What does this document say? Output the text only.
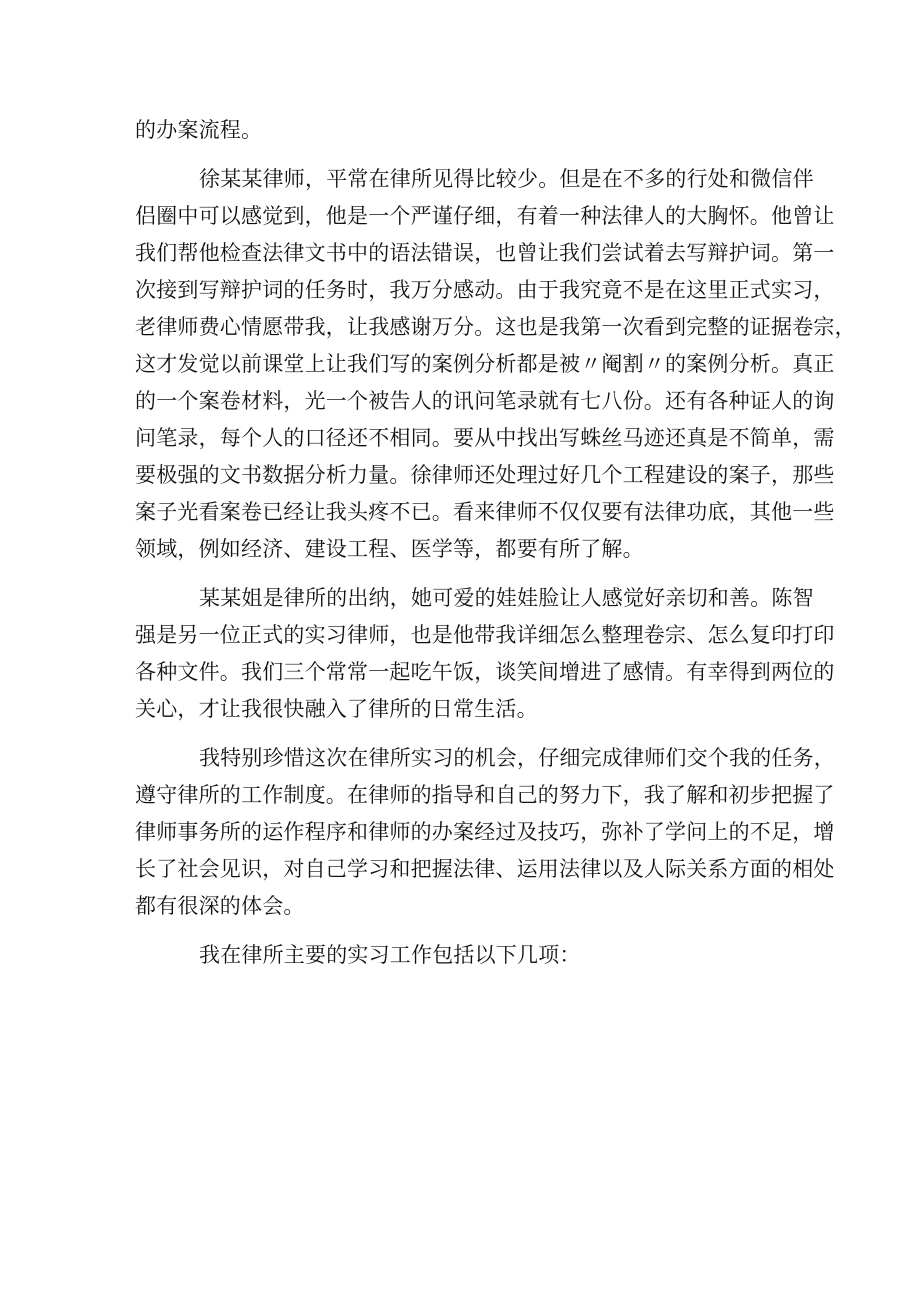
的办案流程。
徐某某律师，平常在律所见得比较少。但是在不多的行处和微信伴
侣圈中可以感觉到，他是一个严谨仔细，有着一种法律人的大胸怀。他曾让
我们帮他检查法律文书中的语法错误，也曾让我们尝试着去写辩护词。第一
次接到写辩护词的任务时，我万分感动。由于我究竟不是在这里正式实习，
老律师费心情愿带我，让我感谢万分。这也是我第一次看到完整的证据卷宗，
这才发觉以前课堂上让我们写的案例分析都是被〃阉割〃的案例分析。真正
的一个案卷材料，光一个被告人的讯问笔录就有七八份。还有各种证人的询
问笔录，每个人的口径还不相同。要从中找出写蛛丝马迹还真是不简单，需
要极强的文书数据分析力量。徐律师还处理过好几个工程建设的案子，那些
案子光看案卷已经让我头疼不已。看来律师不仅仅要有法律功底，其他一些
领域，例如经济、建设工程、医学等，都要有所了解。
某某姐是律所的出纳，她可爱的娃娃脸让人感觉好亲切和善。陈智
强是另一位正式的实习律师，也是他带我详细怎么整理卷宗、怎么复印打印
各种文件。我们三个常常一起吃午饭，谈笑间增进了感情。有幸得到两位的
关心，才让我很快融入了律所的日常生活。
我特别珍惜这次在律所实习的机会，仔细完成律师们交个我的任务，
遵守律所的工作制度。在律师的指导和自己的努力下，我了解和初步把握了
律师事务所的运作程序和律师的办案经过及技巧，弥补了学问上的不足，增
长了社会见识，对自己学习和把握法律、运用法律以及人际关系方面的相处
都有很深的体会。
我在律所主要的实习工作包括以下几项：
